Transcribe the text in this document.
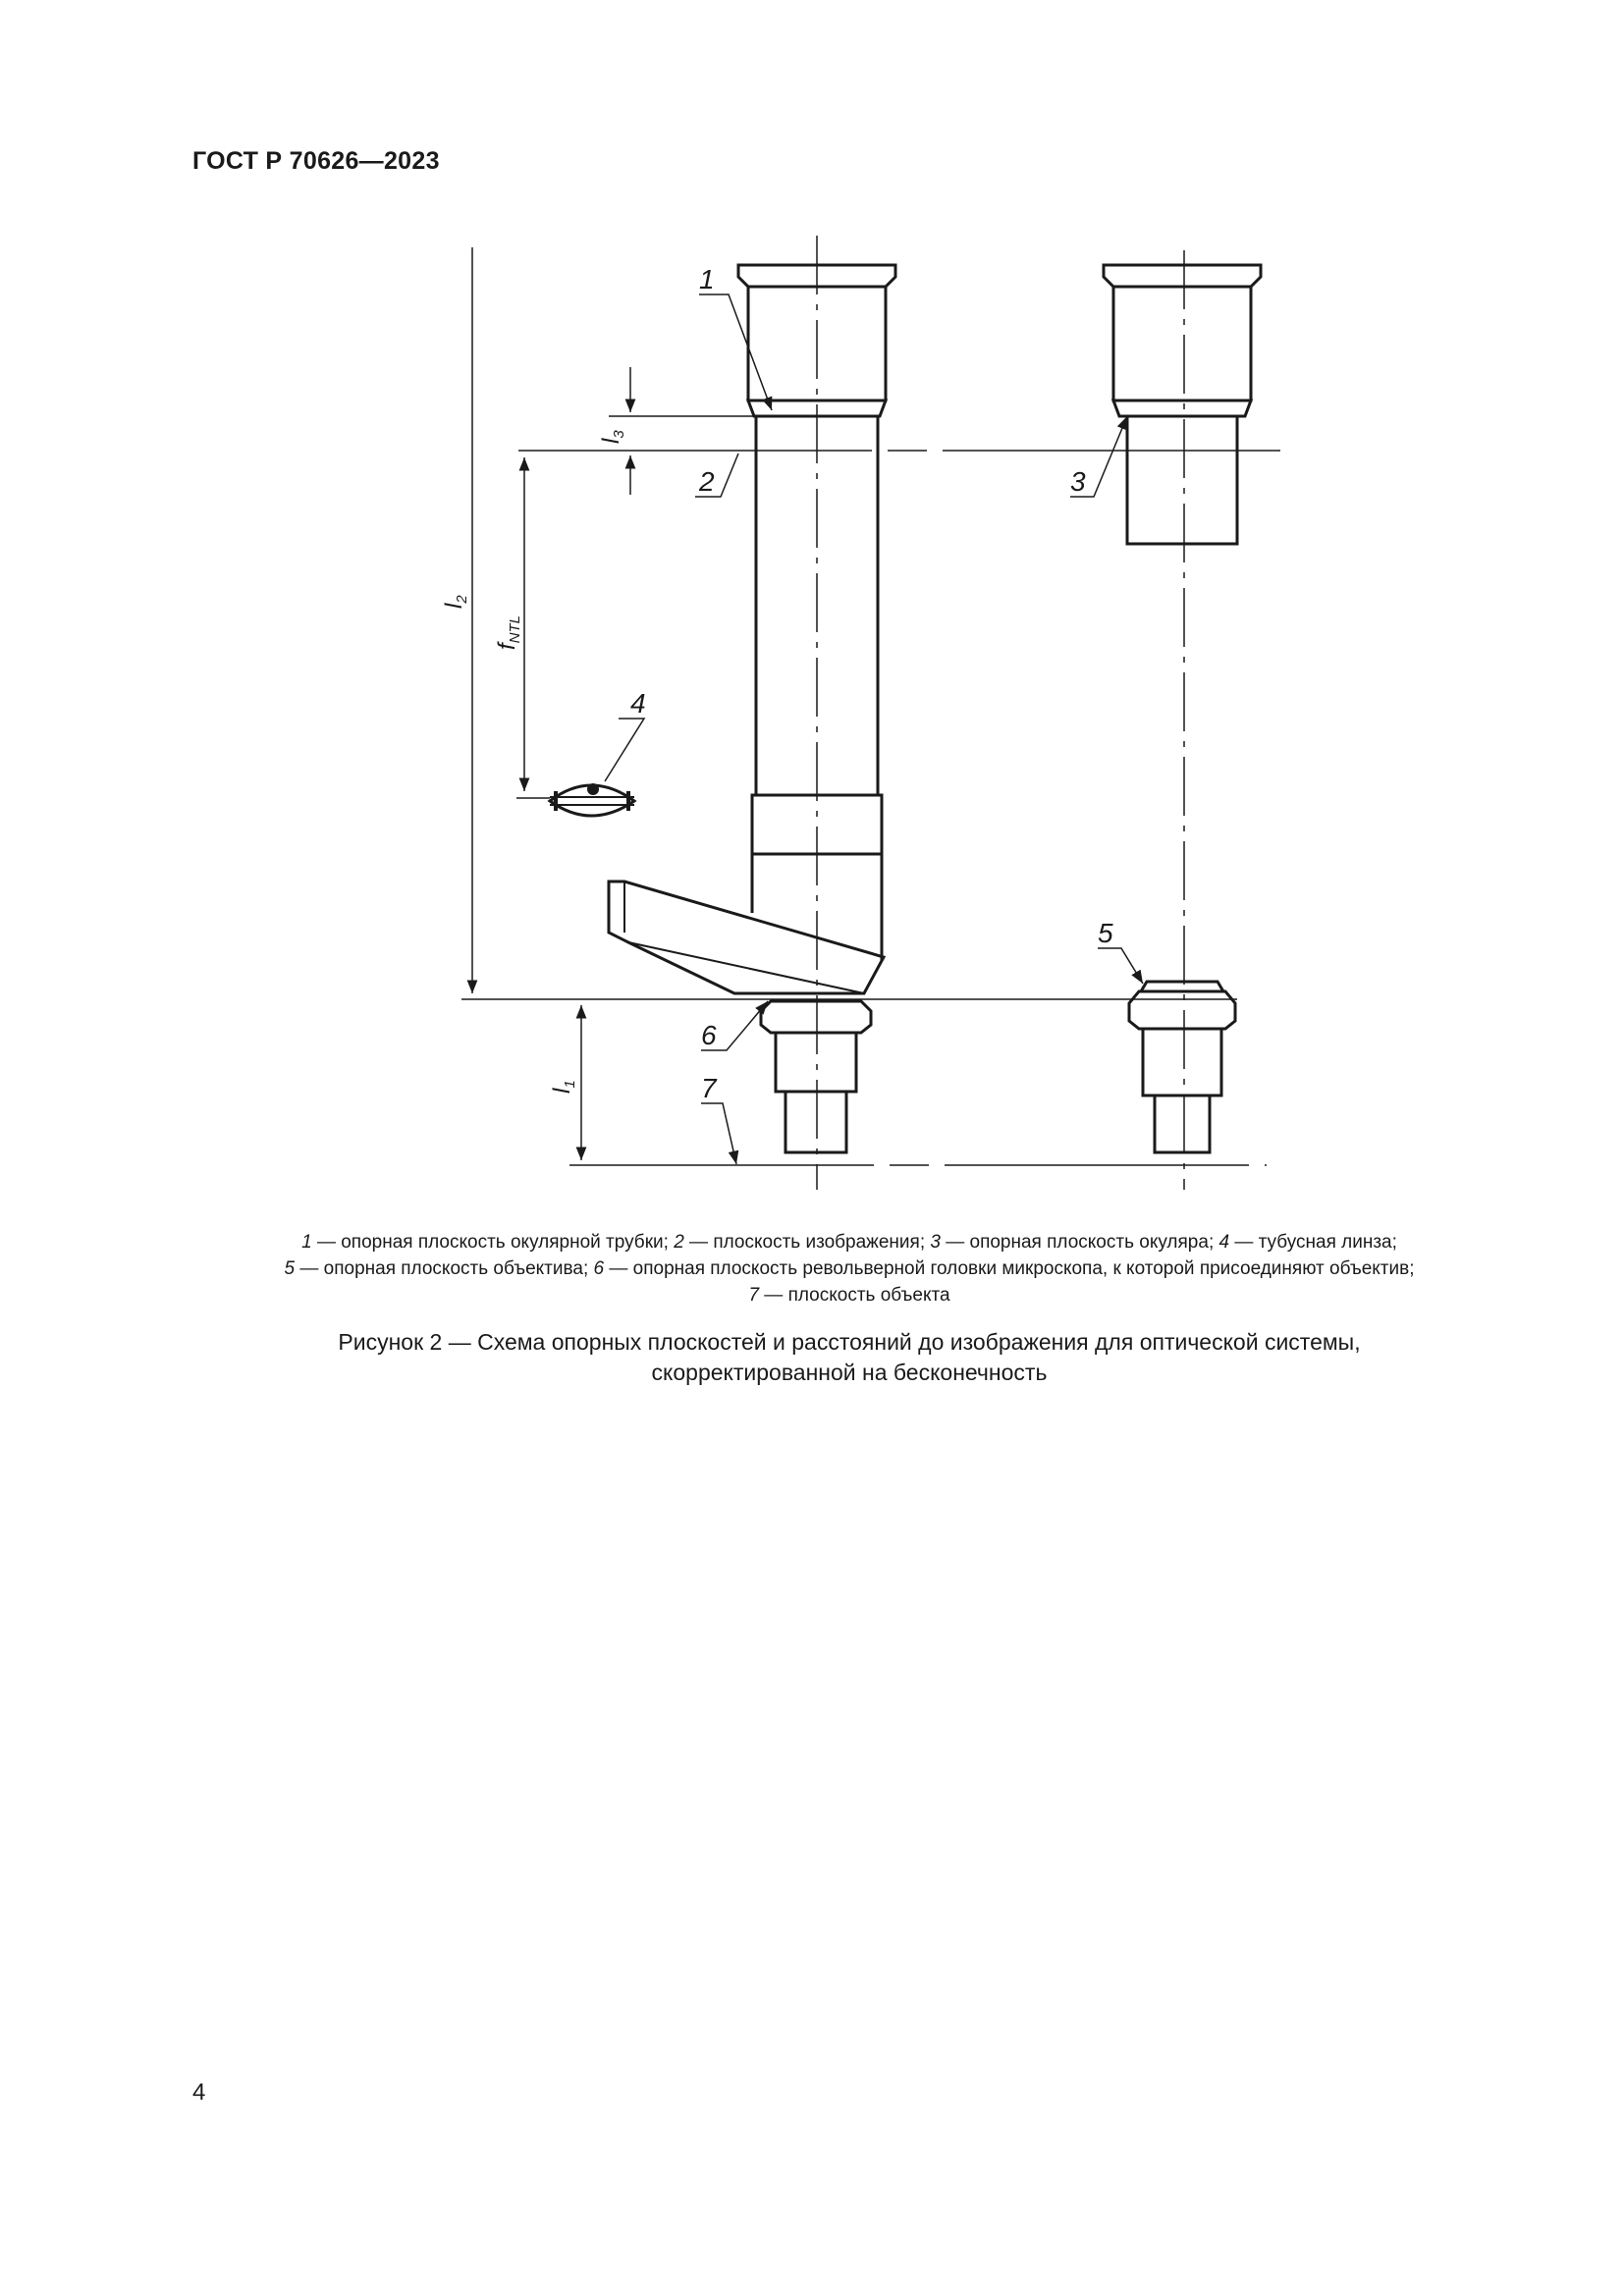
ГОСТ Р 70626—2023
1
2	3
4
5
6
7
$l_2$
$f_{NTL}$
$l_3$
$l_1$
1 — опорная плоскость окулярной трубки; 2 — плоскость изображения; 3 — опорная плоскость окуляра; 4 — тубусная линза;
5 — опорная плоскость объектива; 6 — опорная плоскость револьверной головки микроскопа, к которой присоединяют объектив;
7 — плоскость объекта
Рисунок 2 — Схема опорных плоскостей и расстояний до изображения для оптической системы,
скорректированной на бесконечность
4
